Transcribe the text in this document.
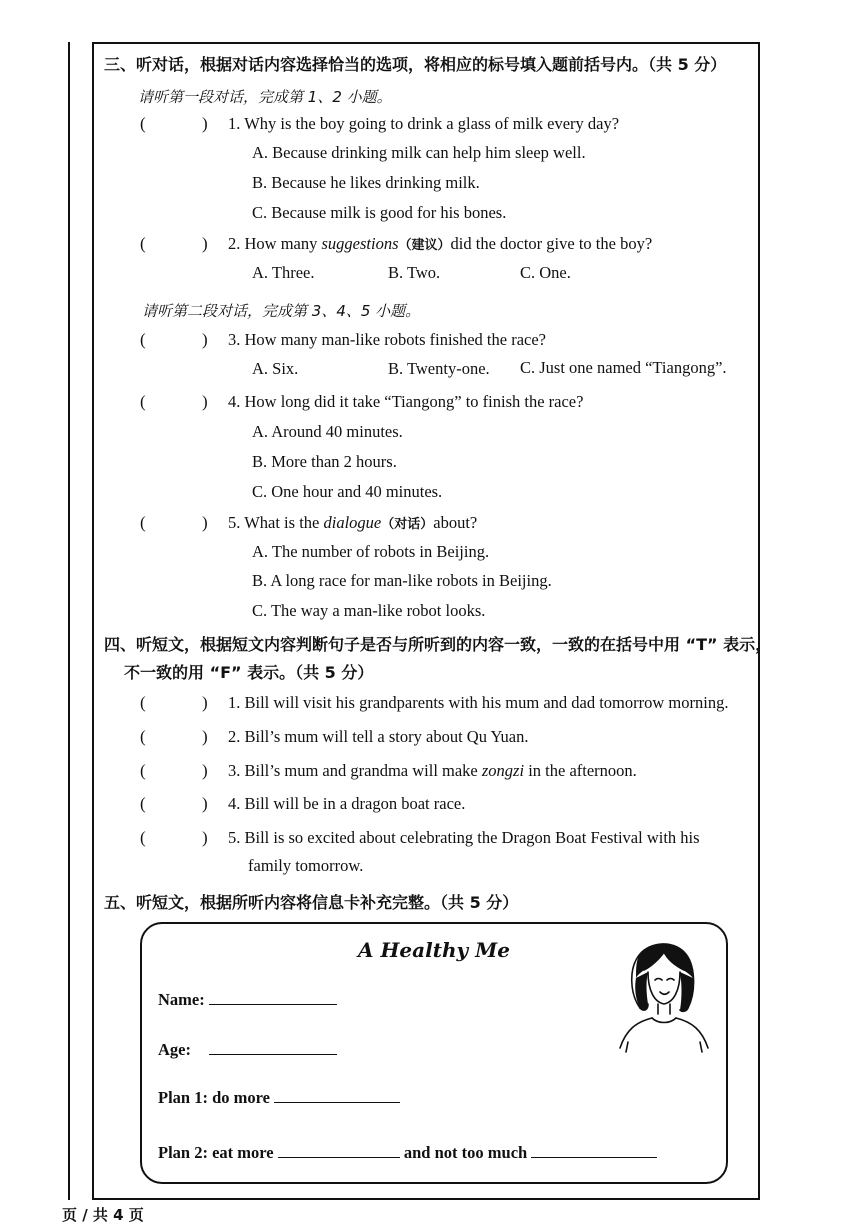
三、听对话，根据对话内容选择恰当的选项，将相应的标号填入题前括号内。（共 5 分）
请听第一段对话，完成第 1、2 小题。
(	) 1. Why is the boy going to drink a glass of milk every day?
A. Because drinking milk can help him sleep well.
B. Because he likes drinking milk.
C. Because milk is good for his bones.
(	) 2. How many suggestions（建议）did the doctor give to the boy?
A. Three.	B. Two.	C. One.
请听第二段对话，完成第 3、4、5 小题。
(	) 3. How many man-like robots finished the race?
A. Six.	B. Twenty-one. C. Just one named “Tiangong”.
(	) 4. How long did it take “Tiangong” to finish the race?
A. Around 40 minutes.
B. More than 2 hours.
C. One hour and 40 minutes.
(	) 5. What is the dialogue（对话）about?
A. The number of robots in Beijing.
B. A long race for man-like robots in Beijing.
C. The way a man-like robot looks.
四、听短文，根据短文内容判断句子是否与所听到的内容一致，一致的在括号中用 “T” 表示，
不一致的用 “F” 表示。（共 5 分）
(	) 1. Bill will visit his grandparents with his mum and dad tomorrow morning.
(	) 2. Bill’s mum will tell a story about Qu Yuan.
(	) 3. Bill’s mum and grandma will make zongzi in the afternoon.
(	) 4. Bill will be in a dragon boat race.
(	) 5. Bill is so excited about celebrating the Dragon Boat Festival with his
family tomorrow.
五、听短文，根据所听内容将信息卡补充完整。（共 5 分）
A Healthy Me
Name:
Age:
Plan 1: do more
Plan 2: eat more	and not too much
页 / 共 4 页
